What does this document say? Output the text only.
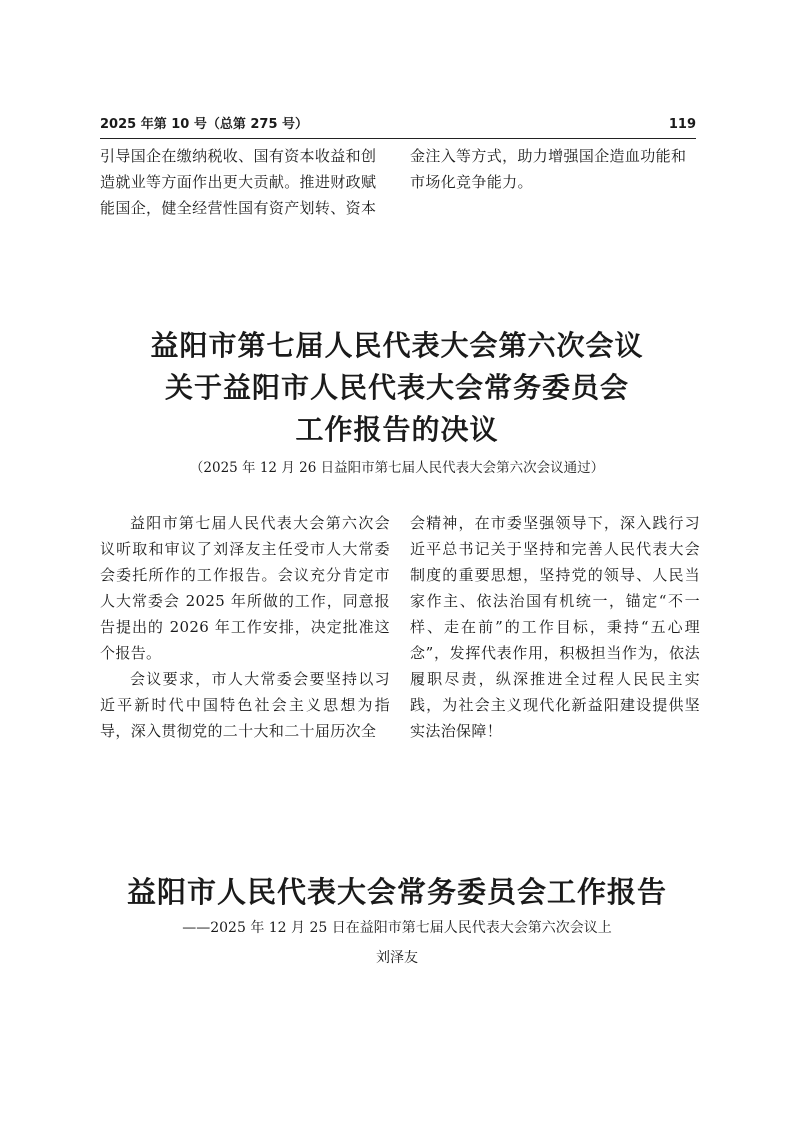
2025 年第 10 号（总第 275 号）	119

引导国企在缴纳税收、国有资本收益和创

造就业等方面作出更大贡献。推进财政赋

能国企，健全经营性国有资产划转、资本

金注入等方式，助力增强国企造血功能和

市场化竞争能力。

益阳市第七届人民代表大会第六次会议
关于益阳市人民代表大会常务委员会
工作报告的决议
（2025 年 12 月 26 日益阳市第七届人民代表大会第六次会议通过）

益阳市第七届人民代表大会第六次会议听取和审议了刘泽友主任受市人大常委会委托所作的工作报告。会议充分肯定市人大常委会 2025 年所做的工作，同意报告提出的 2026 年工作安排，决定批准这个报告。

会议要求，市人大常委会要坚持以习近平新时代中国特色社会主义思想为指导，深入贯彻党的二十大和二十届历次全

会精神，在市委坚强领导下，深入践行习近平总书记关于坚持和完善人民代表大会制度的重要思想，坚持党的领导、人民当家作主、依法治国有机统一，锚定“不一样、走在前”的工作目标，秉持“五心理念”，发挥代表作用，积极担当作为，依法履职尽责，纵深推进全过程人民民主实践，为社会主义现代化新益阳建设提供坚实法治保障！

益阳市人民代表大会常务委员会工作报告
——2025 年 12 月 25 日在益阳市第七届人民代表大会第六次会议上
刘泽友
